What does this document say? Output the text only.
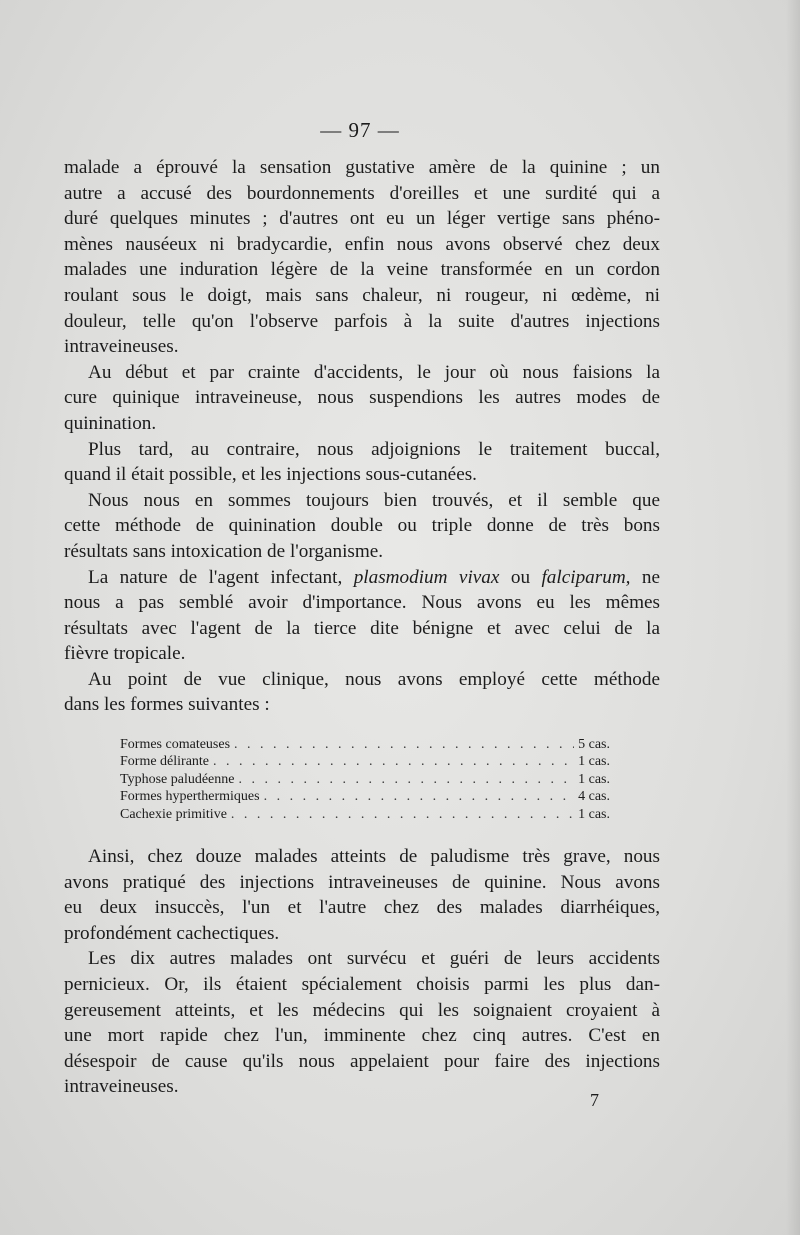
— 97 —
malade a éprouvé la sensation gustative amère de la quinine ; un
autre a accusé des bourdonnements d'oreilles et une surdité qui a
duré quelques minutes ; d'autres ont eu un léger vertige sans phéno-
mènes nauséeux ni bradycardie, enfin nous avons observé chez deux
malades une induration légère de la veine transformée en un cordon
roulant sous le doigt, mais sans chaleur, ni rougeur, ni œdème, ni
douleur, telle qu'on l'observe parfois à la suite d'autres injections
intraveineuses.
Au début et par crainte d'accidents, le jour où nous faisions la
cure quinique intraveineuse, nous suspendions les autres modes de
quinination.
Plus tard, au contraire, nous adjoignions le traitement buccal,
quand il était possible, et les injections sous-cutanées.
Nous nous en sommes toujours bien trouvés, et il semble que
cette méthode de quinination double ou triple donne de très bons
résultats sans intoxication de l'organisme.
La nature de l'agent infectant, plasmodium vivax ou falciparum, ne
nous a pas semblé avoir d'importance. Nous avons eu les mêmes
résultats avec l'agent de la tierce dite bénigne et avec celui de la
fièvre tropicale.
Au point de vue clinique, nous avons employé cette méthode
dans les formes suivantes :
Formes comateuses . . .	5 cas.
Forme délirante . . .	1 cas.
Typhose paludéenne . . .	1 cas.
Formes hyperthermiques . . .	4 cas.
Cachexie primitive . . .	1 cas.
Ainsi, chez douze malades atteints de paludisme très grave, nous
avons pratiqué des injections intraveineuses de quinine. Nous avons
eu deux insuccès, l'un et l'autre chez des malades diarrhéiques,
profondément cachectiques.
Les dix autres malades ont survécu et guéri de leurs accidents
pernicieux. Or, ils étaient spécialement choisis parmi les plus dan-
gereusement atteints, et les médecins qui les soignaient croyaient à
une mort rapide chez l'un, imminente chez cinq autres. C'est en
désespoir de cause qu'ils nous appelaient pour faire des injections
intraveineuses.
7
